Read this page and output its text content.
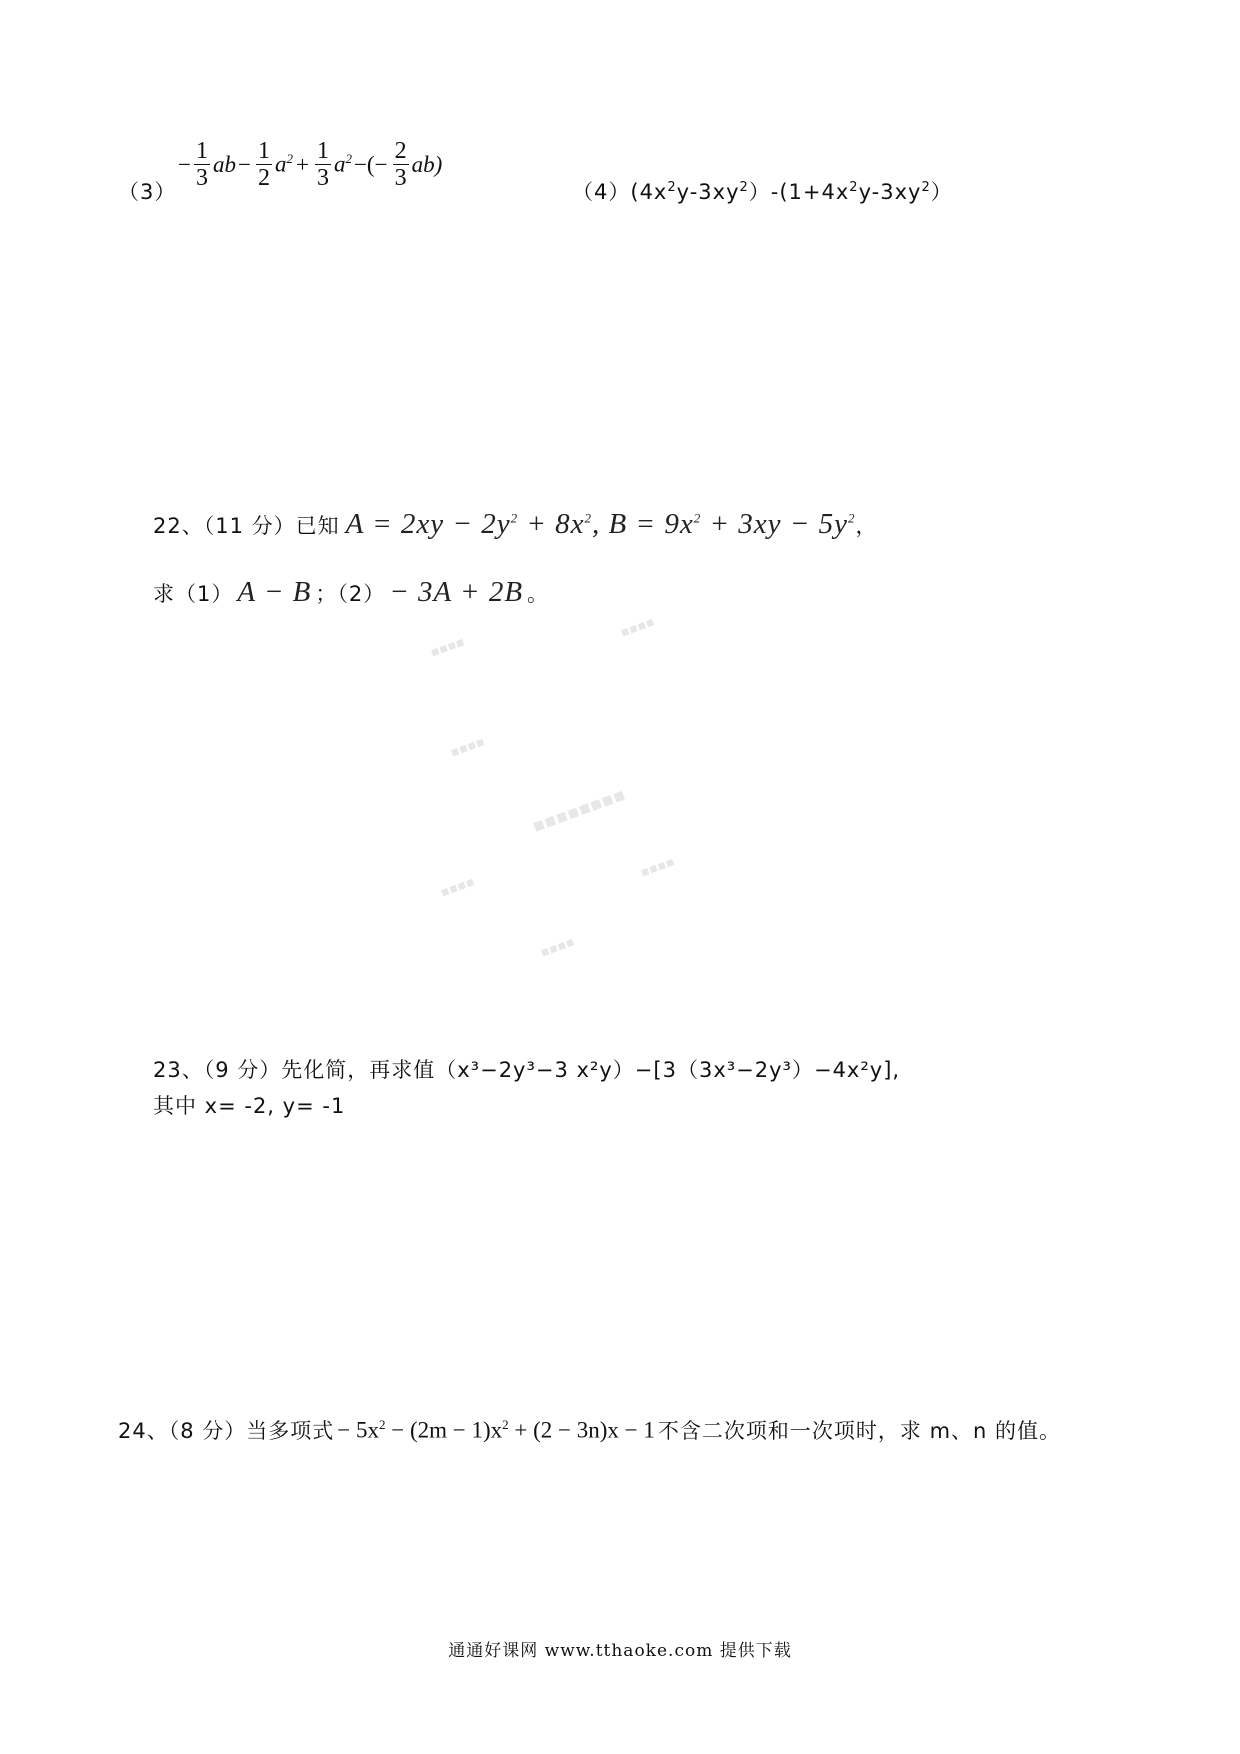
（3）
− $\frac{1}{3}$ ab − $\frac{1}{2} a^2 + \frac{1}{3} a^2$ −(− $\frac{2}{3} ab$)
$(4)(4x^2y-3xy^2)-(1+4x^2y-3xy^2)$
22、（11 分）已知 $A = 2xy - 2y^2 + 8x^2$, $B = 9x^2 + 3xy - 5y^2$ ，
求（1） A − B ；（2） − 3A + 2B 。
▪▪▪▪
▪▪▪▪
▪▪▪▪
▪▪▪▪▪▪▪▪
▪▪▪▪
▪▪▪▪
▪▪▪▪
23、（9 分）先化简，再求值（x³−2y³−3 x²y）−[3（3x³−2y³）−4x²y],
其中 x= -2, y= -1
24、（8 分）当多项式 − $5x^2 - (2m - 1)x^2 + (2 - 3n)x - 1$ 不含二次项和一次项时，求 m、n 的值。
通通好课网 www.tthaoke.com 提供下载
